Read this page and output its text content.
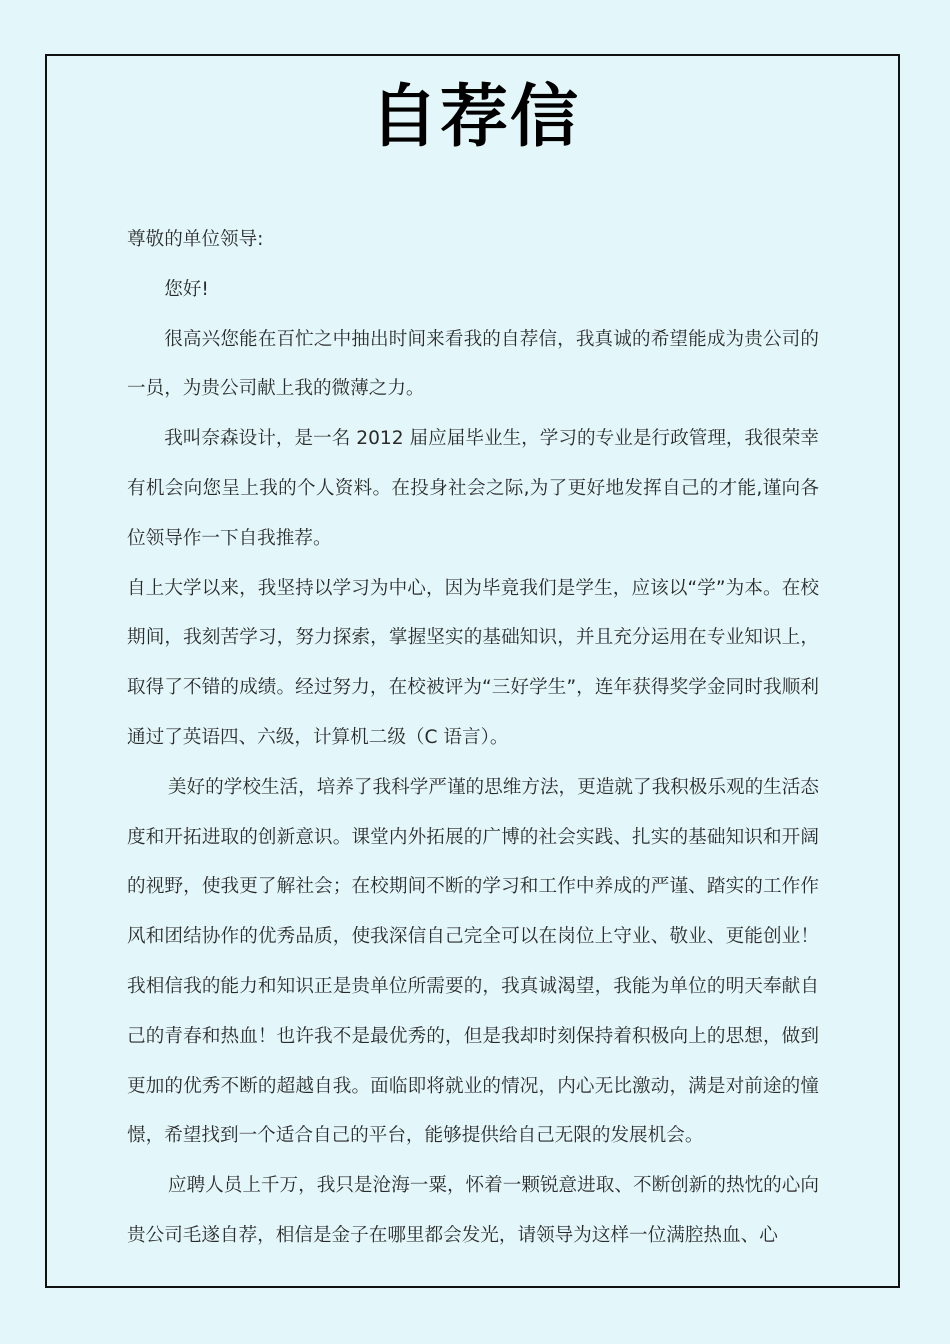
自荐信

尊敬的单位领导:

您好!

很高兴您能在百忙之中抽出时间来看我的自荐信，我真诚的希望能成为贵公司的一员，为贵公司献上我的微薄之力。

我叫奈森设计，是一名 2012 届应届毕业生，学习的专业是行政管理，我很荣幸有机会向您呈上我的个人资料。在投身社会之际,为了更好地发挥自己的才能,谨向各位领导作一下自我推荐。

自上大学以来，我坚持以学习为中心，因为毕竟我们是学生，应该以“学”为本。在校期间，我刻苦学习，努力探索，掌握坚实的基础知识，并且充分运用在专业知识上，取得了不错的成绩。经过努力，在校被评为“三好学生”，连年获得奖学金同时我顺利通过了英语四、六级，计算机二级（C 语言）。

美好的学校生活，培养了我科学严谨的思维方法，更造就了我积极乐观的生活态度和开拓进取的创新意识。课堂内外拓展的广博的社会实践、扎实的基础知识和开阔的视野，使我更了解社会；在校期间不断的学习和工作中养成的严谨、踏实的工作作风和团结协作的优秀品质，使我深信自己完全可以在岗位上守业、敬业、更能创业！我相信我的能力和知识正是贵单位所需要的，我真诚渴望，我能为单位的明天奉献自己的青春和热血！也许我不是最优秀的，但是我却时刻保持着积极向上的思想，做到更加的优秀不断的超越自我。面临即将就业的情况，内心无比激动，满是对前途的憧憬，希望找到一个适合自己的平台，能够提供给自己无限的发展机会。

应聘人员上千万，我只是沧海一粟，怀着一颗锐意进取、不断创新的热忱的心向贵公司毛遂自荐，相信是金子在哪里都会发光，请领导为这样一位满腔热血、心
